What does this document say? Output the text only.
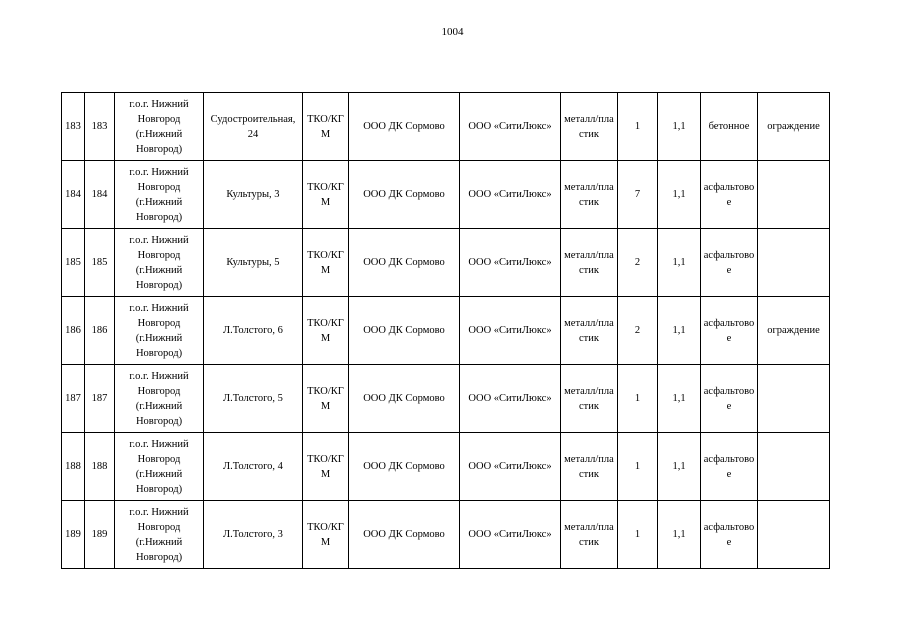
1004
183	183	г.о.г. Нижний Новгород (г.Нижний Новгород)	Судостроительная, 24	ТКО/КГМ	ООО ДК Сормово	ООО «СитиЛюкс»	металл/пластик	1	1,1	бетонное	ограждение
184	184	г.о.г. Нижний Новгород (г.Нижний Новгород)	Культуры, 3	ТКО/КГМ	ООО ДК Сормово	ООО «СитиЛюкс»	металл/пластик	7	1,1	асфальтовое	
185	185	г.о.г. Нижний Новгород (г.Нижний Новгород)	Культуры, 5	ТКО/КГМ	ООО ДК Сормово	ООО «СитиЛюкс»	металл/пластик	2	1,1	асфальтовое	
186	186	г.о.г. Нижний Новгород (г.Нижний Новгород)	Л.Толстого, 6	ТКО/КГМ	ООО ДК Сормово	ООО «СитиЛюкс»	металл/пластик	2	1,1	асфальтовое	ограждение
187	187	г.о.г. Нижний Новгород (г.Нижний Новгород)	Л.Толстого, 5	ТКО/КГМ	ООО ДК Сормово	ООО «СитиЛюкс»	металл/пластик	1	1,1	асфальтовое	
188	188	г.о.г. Нижний Новгород (г.Нижний Новгород)	Л.Толстого, 4	ТКО/КГМ	ООО ДК Сормово	ООО «СитиЛюкс»	металл/пластик	1	1,1	асфальтовое	
189	189	г.о.г. Нижний Новгород (г.Нижний Новгород)	Л.Толстого, 3	ТКО/КГМ	ООО ДК Сормово	ООО «СитиЛюкс»	металл/пластик	1	1,1	асфальтовое	
